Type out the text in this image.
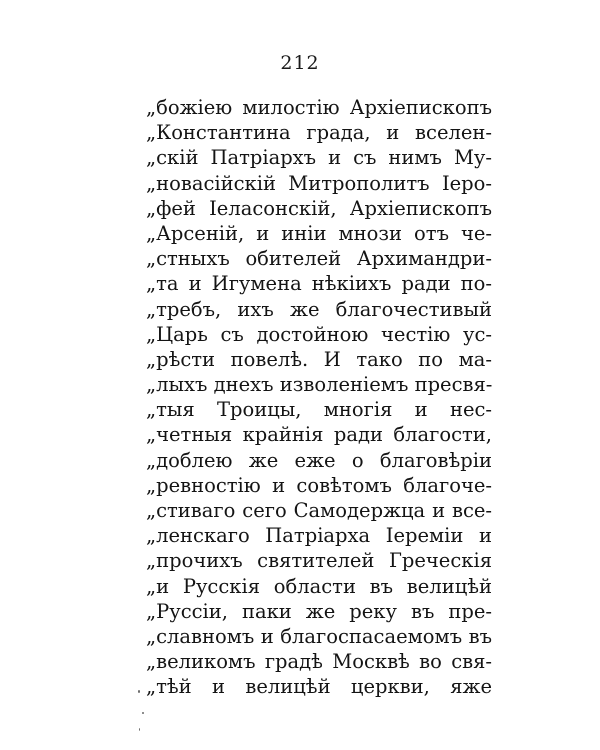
212
„божiею милостiю Архiепископъ
„Константина града, и вселен-
„скiй Патрiархъ и съ нимъ Му-
„новасiйскiй Митрополитъ Iеро-
„фей Iеласонскiй, Архiепископъ
„Арсенiй, и инiи мнози отъ че-
„стныхъ обителей Архимандри-
„та и Игумена нѣкiихъ ради по-
„требъ, ихъ же благочестивый
„Царь съ достойною честiю ус-
„рѣсти повелѣ. И тако по ма-
„лыхъ днехъ изволенiемъ пресвя-
„тыя Троицы, многiя и нес-
„четныя крайнiя ради благости,
„доблею же еже о благовѣрiи
„ревностiю и совѣтомъ благоче-
„стиваго сего Самодержца и все-
„ленскаго Патрiарха Iеремiи и
„прочихъ святителей Греческiя
„и Русскiя области въ велицѣй
„Руссiи, паки же реку въ пре-
„славномъ и благоспасаемомъ въ
„великомъ градѣ Москвѣ во свя-
„тѣй и велицѣй церкви, яже
